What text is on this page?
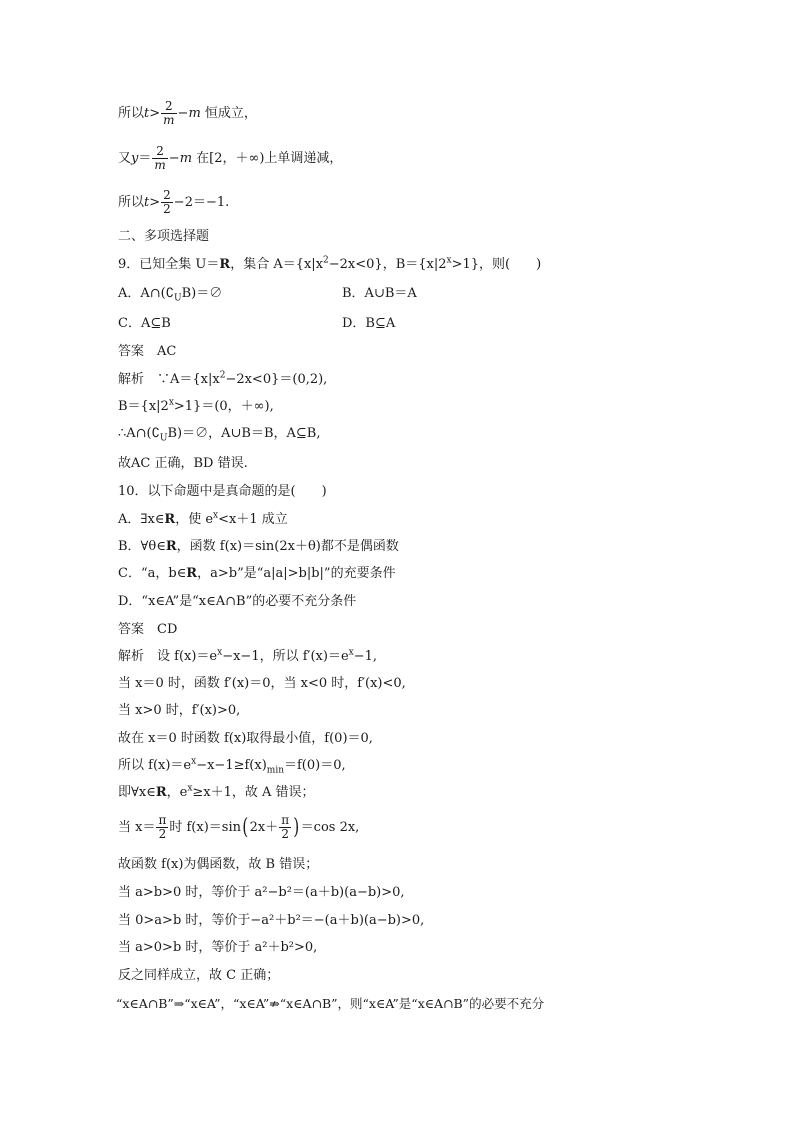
所以$t> \frac{2}{m} -m$ 恒成立，
又$y= \frac{2}{m} -m$ 在[2，＋∞)上单调递减，
所以$t> \frac{2}{2} -2=-1$.
二、多项选择题
9．已知全集 U＝R，集合 $A=\{x|x^2-2x<0\}$，$B=\{x|2^x>1\}$，则(　　)
A．$A\cap(∁_UB)=\emptyset$	B．A∪B＝A
C．A⊆B	D．B⊆A
答案　AC
解析　$\because A=\{x|x^2-2x<0\}=(0,2)$,
$B=\{x|2^x>1\}=(0$，＋∞),
$\therefore A\cap(∁_UB)=\emptyset$，A∪B＝B，A⊆B,
故AC 正确，BD 错误.
10．以下命题中是真命题的是(　　)
A．∃x∈R，使 $e^x<x+1$ 成立
B．∀θ∈R，函数 f(x)＝sin(2x＋θ)都不是偶函数
C．“a，b∈R，a>b”是“a|a|>b|b|”的充要条件
D．“x∈A”是“x∈A∩B”的必要不充分条件
答案　CD
解析　设 $f(x)=e^x-x-1$，所以 $f'(x)=e^x-1$,
当 x＝0 时，函数 f′(x)＝0，当 x<0 时，f′(x)<0,
当 x>0 时，f′(x)>0,
故在 x＝0 时函数 f(x)取得最小值，f(0)＝0,
所以 $f(x)=e^x-x-1\ge f(x)_{min}=f(0)=0$,
即∀x∈R，$e^x\ge x+1$，故 A 错误；
当 $x= \frac{\pi}{2}$ 时 $f(x)=\sin(2x+ \frac{\pi}{2} )=\cos$ 2x,
故函数 f(x)为偶函数，故 B 错误；
当 a>b>0 时，等价于 a²−b²＝(a＋b)(a−b)>0,
当 0>a>b 时，等价于−a²＋b²＝−(a＋b)(a−b)>0,
当 a>0>b 时，等价于 a²＋b²>0,
反之同样成立，故 C 正确；
“x∈A∩B”⇒“x∈A”，“x∈A”⇏“x∈A∩B”，则“x∈A”是“x∈A∩B”的必要不充分
